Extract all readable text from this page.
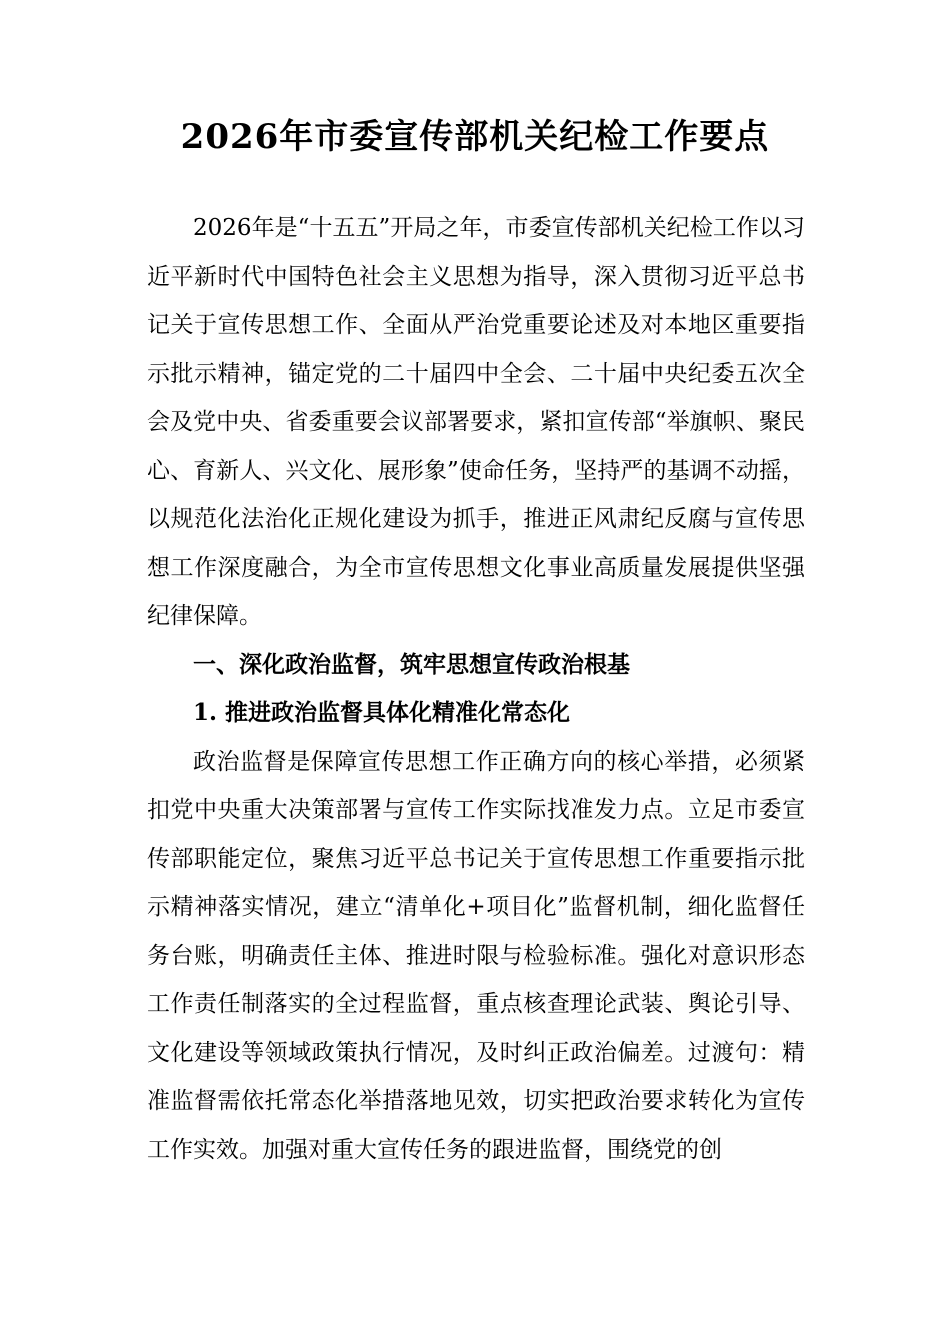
2026年市委宣传部机关纪检工作要点

2026年是“十五五”开局之年，市委宣传部机关纪检工作以习近平新时代中国特色社会主义思想为指导，深入贯彻习近平总书记关于宣传思想工作、全面从严治党重要论述及对本地区重要指示批示精神，锚定党的二十届四中全会、二十届中央纪委五次全会及党中央、省委重要会议部署要求，紧扣宣传部“举旗帜、聚民心、育新人、兴文化、展形象”使命任务，坚持严的基调不动摇，以规范化法治化正规化建设为抓手，推进正风肃纪反腐与宣传思想工作深度融合，为全市宣传思想文化事业高质量发展提供坚强纪律保障。

一、深化政治监督，筑牢思想宣传政治根基

1. 推进政治监督具体化精准化常态化

政治监督是保障宣传思想工作正确方向的核心举措，必须紧扣党中央重大决策部署与宣传工作实际找准发力点。立足市委宣传部职能定位，聚焦习近平总书记关于宣传思想工作重要指示批示精神落实情况，建立“清单化+项目化”监督机制，细化监督任务台账，明确责任主体、推进时限与检验标准。强化对意识形态工作责任制落实的全过程监督，重点核查理论武装、舆论引导、文化建设等领域政策执行情况，及时纠正政治偏差。过渡句：精准监督需依托常态化举措落地见效，切实把政治要求转化为宣传工作实效。加强对重大宣传任务的跟进监督，围绕党的创
